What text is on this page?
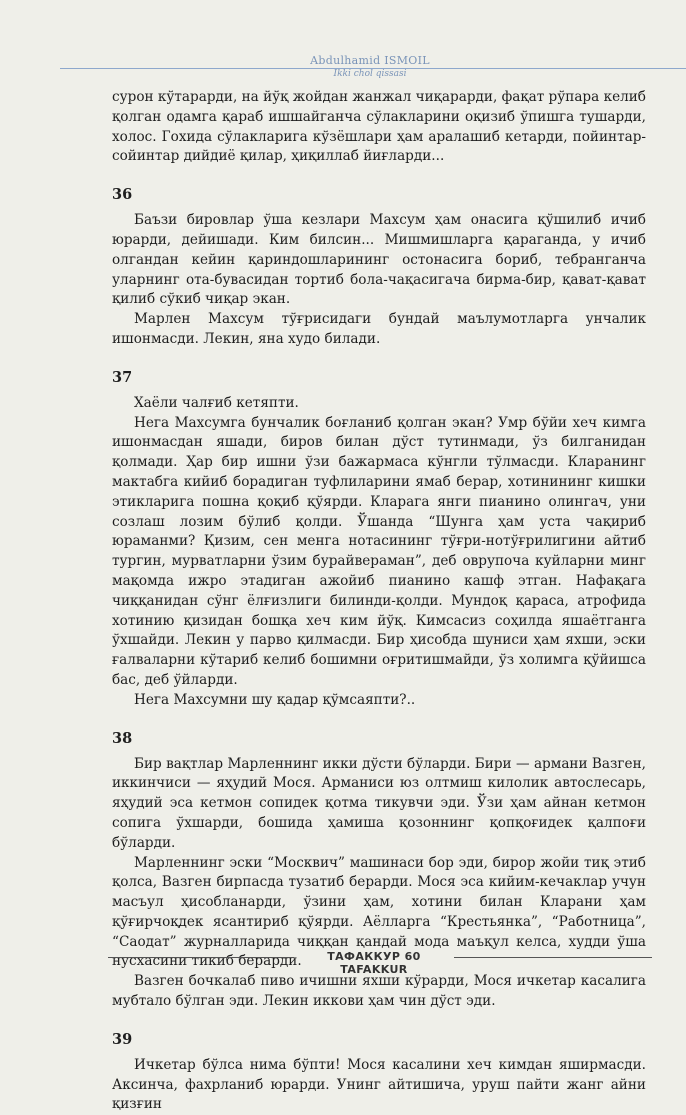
Abdulhamid ISMOIL
Ikki chol qissasi

сурон кўтарарди, на йўқ жойдан жанжал чиқарарди, фақат рўпара келиб қолган одамга қараб ишшайганча сўлакларини оқизиб ўпишга тушарди, холос. Гохида сўлакларига кўзёшлари ҳам аралашиб кетарди, пойинтар-сойинтар дийдиё қилар, ҳиқиллаб йиғларди...

36

Баъзи бировлар ўша кезлари Махсум ҳам онасига қўшилиб ичиб юрарди, дейишади. Ким билсин... Мишмишларга қараганда, у ичиб олгандан кейин қариндошларининг остонасига бориб, тебранганча уларнинг ота-бувасидан тортиб бола-чақасигача бирма-бир, қават-қават қилиб сўкиб чиқар экан.

Марлен Махсум тўғрисидаги бундай маълумотларга унчалик ишонмасди. Лекин, яна худо билади.

37

Хаёли чалғиб кетяпти.

Нега Махсумга бунчалик боғланиб қолган экан? Умр бўйи хеч кимга ишонмасдан яшади, биров билан дўст тутинмади, ўз билганидан қолмади. Ҳар бир ишни ўзи бажармаса кўнгли тўлмасди. Кларанинг мактабга кийиб борадиган туфлиларини ямаб берар, хотинининг кишки этикларига пошна қоқиб қўярди. Кларага янги пианино олингач, уни созлаш лозим бўлиб қолди. Ўшанда “Шунга ҳам уста чақириб юраманми? Қизим, сен менга нотасининг тўғри-нотўғрилигини айтиб тургин, мурватларни ўзим бурайвераман”, деб оврупоча куйларни минг мақомда ижро этадиган ажойиб пианино кашф этган. Нафақага чиққанидан сўнг ёлғизлиги билинди-қолди. Мундоқ қараса, атрофида хотинию қизидан бошқа хеч ким йўқ. Кимсасиз соҳилда яшаётганга ўхшайди. Лекин у парво қилмасди. Бир ҳисобда шуниси ҳам яхши, эски ғалвaларни кўтариб келиб бошимни оғритишмайди, ўз холимга қўйишса бас, деб ўйларди.

Нега Махсумни шу қадар қўмсаяпти?..

38

Бир вақтлар Марленнинг икки дўсти бўларди. Бири — армани Вазген, иккинчиси — яҳудий Мося. Арманиси юз олтмиш килолик автослесарь, яҳудий эса кетмон сопидек қотма тикувчи эди. Ўзи ҳам айнан кетмон сопига ўхшарди, бошида ҳамиша қозоннинг қопқоғидек қалпоғи бўларди.

Марленнинг эски “Москвич” машинаси бор эди, бирор жойи тиқ этиб қолса, Вазген бирпасда тузатиб берарди. Мося эса кийим-кечаклар учун масъул ҳисобланарди, ўзини ҳам, хотини билан Кларани ҳам қўғирчоқдек ясантириб қўярди. Аёлларга “Крестьянка”, “Работница”, “Саодат” журналларида чиққан қандай мода маъқул келса, худди ўша нусхасини тикиб берарди.

Вазген бочкалаб пиво ичишни яхши кўрарди, Мося ичкетар касалига мубтало бўлган эди. Лекин иккови ҳам чин дўст эди.

39

Ичкетар бўлса нима бўпти! Мося касалини хеч кимдан яширмасди. Аксинча, фахрланиб юрарди. Унинг айтишича, уруш пайти жанг айни қизғин

ТАФАККУР 60 TAFAKKUR
